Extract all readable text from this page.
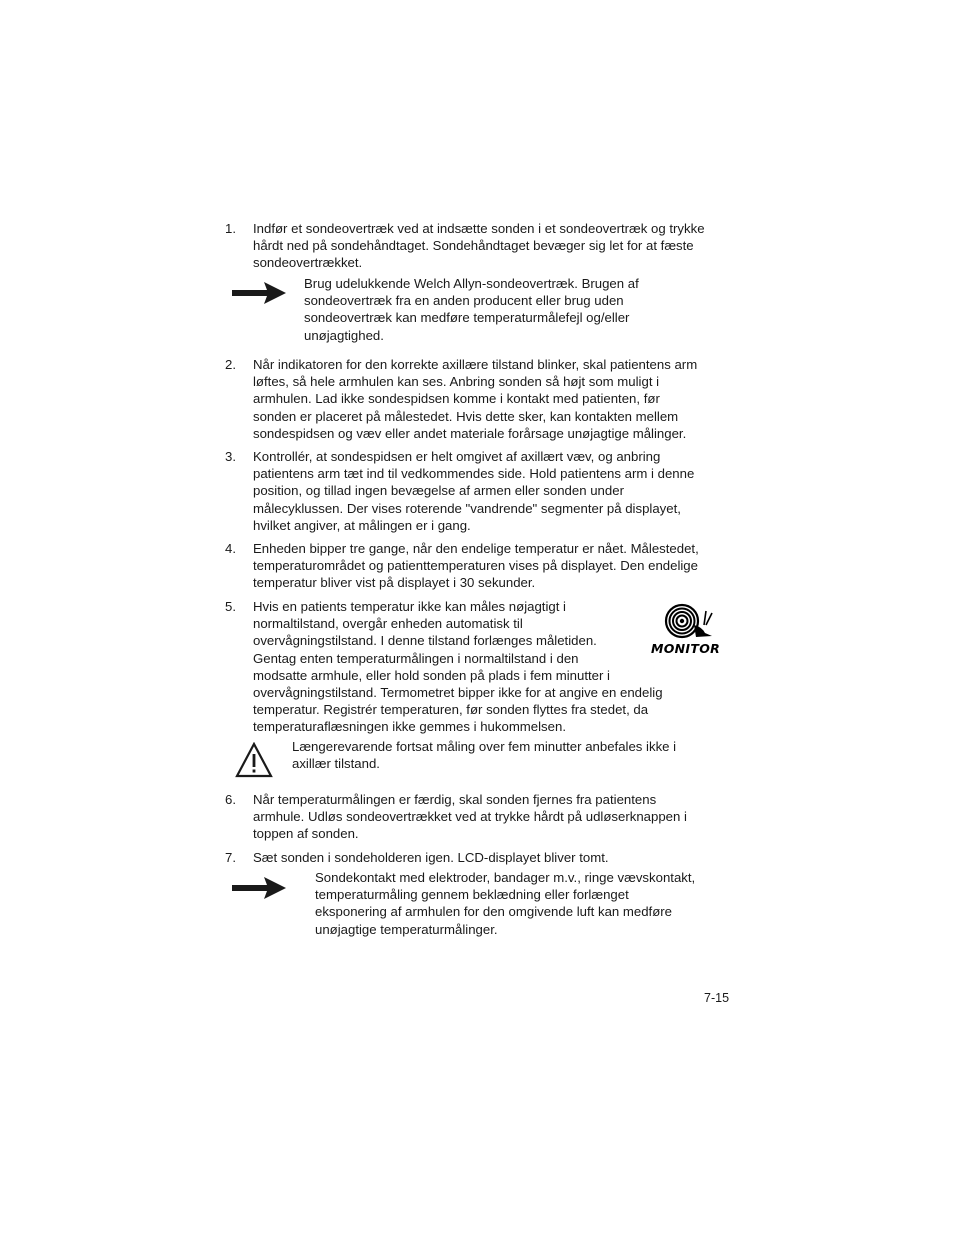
1. Indfør et sondeovertræk ved at indsætte sonden i et sondeovertræk og trykke
hårdt ned på sondehåndtaget. Sondehåndtaget bevæger sig let for at fæste
sondeovertrækket.
Brug udelukkende Welch Allyn-sondeovertræk. Brugen af
sondeovertræk fra en anden producent eller brug uden
sondeovertræk kan medføre temperaturmålefejl og/eller
unøjagtighed.
2. Når indikatoren for den korrekte axillære tilstand blinker, skal patientens arm
løftes, så hele armhulen kan ses. Anbring sonden så højt som muligt i
armhulen. Lad ikke sondespidsen komme i kontakt med patienten, før
sonden er placeret på målestedet. Hvis dette sker, kan kontakten mellem
sondespidsen og væv eller andet materiale forårsage unøjagtige målinger.
3. Kontrollér, at sondespidsen er helt omgivet af axillært væv, og anbring
patientens arm tæt ind til vedkommendes side. Hold patientens arm i denne
position, og tillad ingen bevægelse af armen eller sonden under
målecyklussen. Der vises roterende "vandrende" segmenter på displayet,
hvilket angiver, at målingen er i gang.
4. Enheden bipper tre gange, når den endelige temperatur er nået. Målestedet,
temperaturområdet og patienttemperaturen vises på displayet. Den endelige
temperatur bliver vist på displayet i 30 sekunder.
5. Hvis en patients temperatur ikke kan måles nøjagtigt i
normaltilstand, overgår enheden automatisk til
overvågningstilstand. I denne tilstand forlænges måletiden.
Gentag enten temperaturmålingen i normaltilstand i den
modsatte armhule, eller hold sonden på plads i fem minutter i
overvågningstilstand. Termometret bipper ikke for at angive en endelig
temperatur. Registrér temperaturen, før sonden flyttes fra stedet, da
temperaturaflæsningen ikke gemmes i hukommelsen.
MONITOR
Længerevarende fortsat måling over fem minutter anbefales ikke i
axillær tilstand.
6. Når temperaturmålingen er færdig, skal sonden fjernes fra patientens
armhule. Udløs sondeovertrækket ved at trykke hårdt på udløserknappen i
toppen af sonden.
7. Sæt sonden i sondeholderen igen. LCD-displayet bliver tomt.
Sondekontakt med elektroder, bandager m.v., ringe vævskontakt,
temperaturmåling gennem beklædning eller forlænget
eksponering af armhulen for den omgivende luft kan medføre
unøjagtige temperaturmålinger.
7-15
